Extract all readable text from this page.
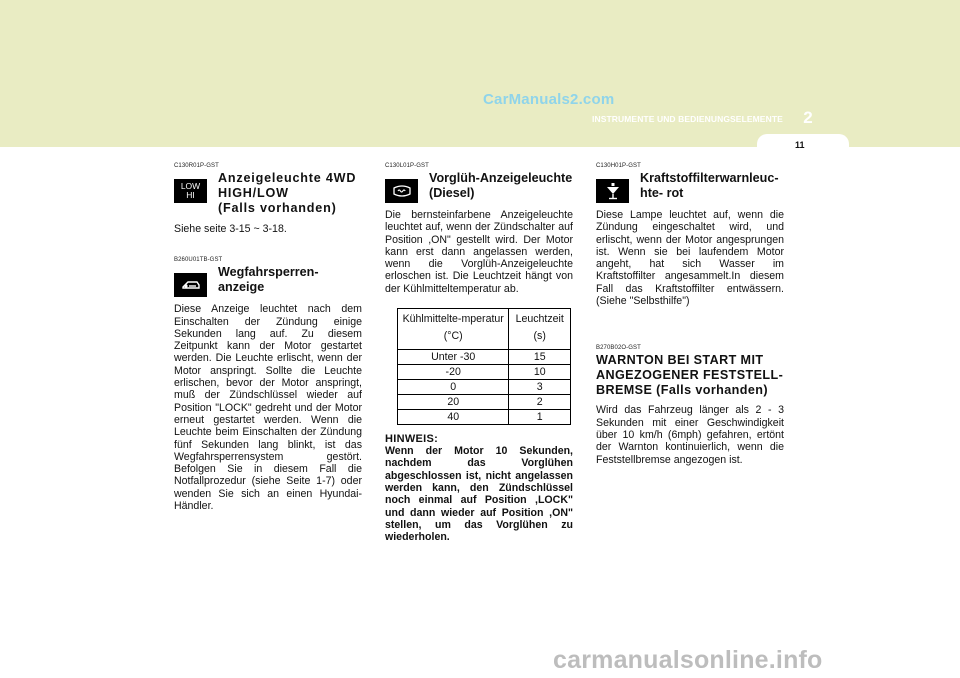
CarManuals2.com
INSTRUMENTE UND BEDIENUNGSELEMENTE	2
11
C130R01P-GST
LOW
HI
Anzeigeleuchte 4WD
HIGH/LOW
(Falls vorhanden)

Siehe seite 3-15 ~ 3-18.

B260U01TB-GST
Wegfahrsperren-anzeige

Diese Anzeige leuchtet nach dem Einschalten der Zündung einige Sekunden lang auf. Zu diesem Zeitpunkt kann der Motor gestartet werden. Die Leuchte erlischt, wenn der Motor anspringt. Sollte die Leuchte erlischen, bevor der Motor anspringt, muß der Zündschlüssel wieder auf Position "LOCK" gedreht und der Motor erneut gestartet werden. Wenn die Leuchte beim Einschalten der Zündung fünf Sekunden lang blinkt, ist das Wegfahrsperrensystem gestört. Befolgen Sie in diesem Fall die Notfallprozedur (siehe Seite 1-7) oder wenden Sie sich an einen Hyundai-Händler.

C130L01P-GST
Vorglüh-Anzeigeleuchte
(Diesel)

Die bernsteinfarbene Anzeigeleuchte leuchtet auf, wenn der Zündschalter auf Position ,ON" gestellt wird. Der Motor kann erst dann angelassen werden, wenn die Vorglüh-Anzeigeleuchte erloschen ist. Die Leuchtzeit hängt von der Kühlmitteltemperatur ab.

Kühlmittelte-mperatur (°C)	Leuchtzeit (s)
Unter -30	15
-20	10
0	3
20	2
40	1
HINWEIS:

Wenn der Motor 10 Sekunden, nachdem das Vorglühen abgeschlossen ist, nicht angelassen werden kann, den Zündschlüssel noch einmal auf Position ,LOCK" und dann wieder auf Position ,ON" stellen, um das Vorglühen zu wiederholen.

C130H01P-GST
Kraftstoffilterwarnleuc-
hte- rot

Diese Lampe leuchtet auf, wenn die Zündung eingeschaltet wird, und erlischt, wenn der Motor angesprungen ist. Wenn sie bei laufendem Motor angeht, hat sich Wasser im Kraftstoffilter angesammelt.In diesem Fall das Kraftstoffilter entwässern. (Siehe "Selbsthilfe")

B270B02O-GST
WARNTON BEI START MIT ANGEZOGENER FESTSTELL-BREMSE (Falls vorhanden)

Wird das Fahrzeug länger als 2 - 3 Sekunden mit einer Geschwindigkeit über 10 km/h (6mph) gefahren, ertönt der Warnton kontinuierlich, wenn die Feststellbremse angezogen ist.

carmanualsonline.info
